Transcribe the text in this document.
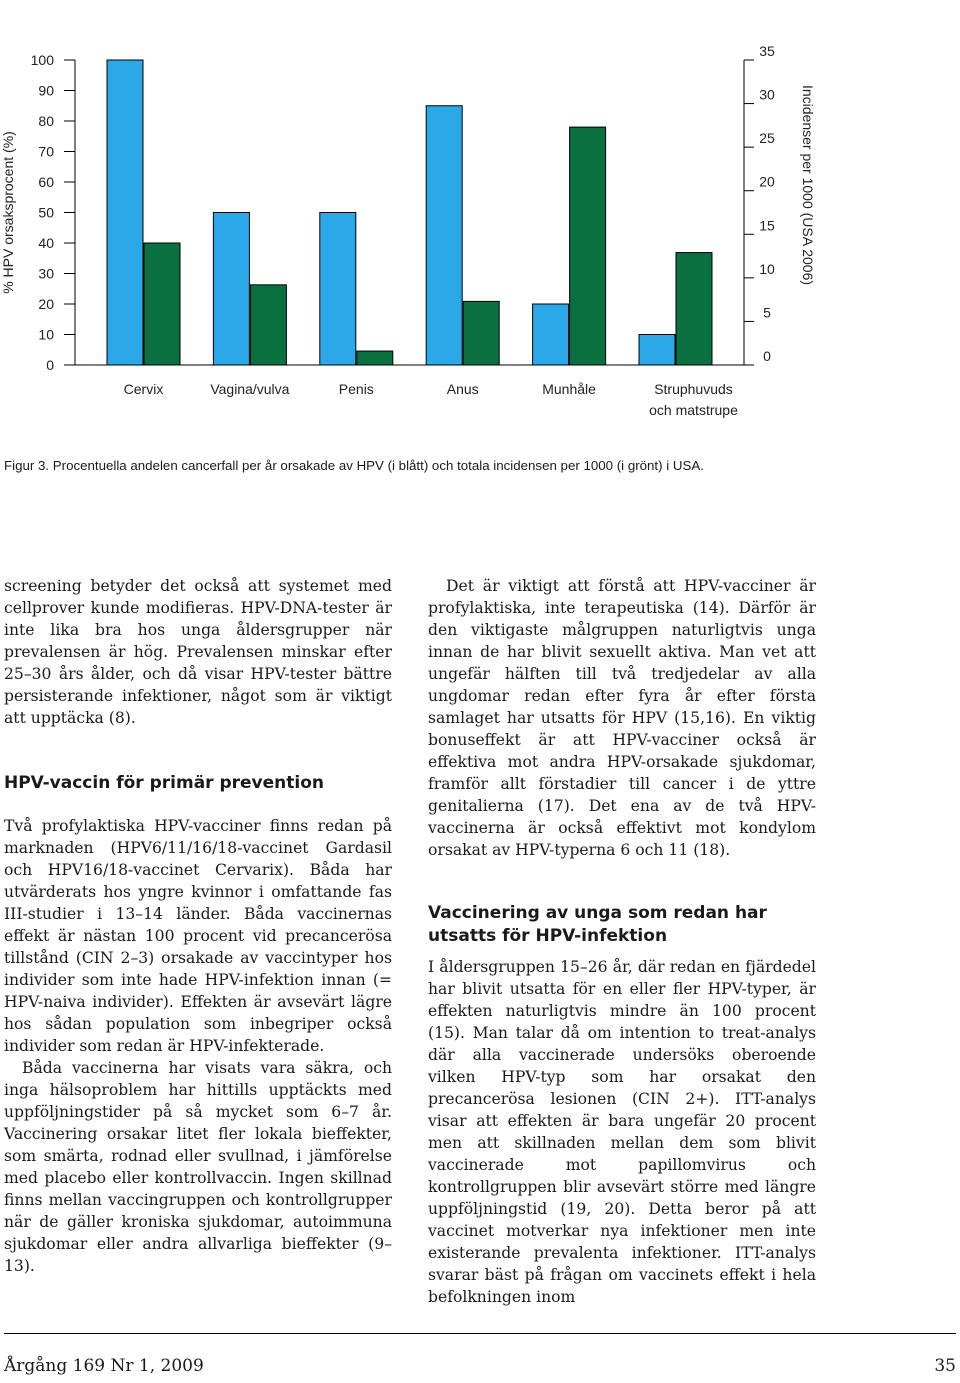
0
10
20
30
40
50
60
70
80
90
100
% HPV orsaksprocent (%)
0
5
10
15
20
25
30
35
Incidenser per 1000 (USA 2006)
Cervix	Vagina/vulva	Penis	Anus	Munhåle	Struphuvuds
och matstrupe
Figur 3. Procentuella andelen cancerfall per år orsakade av HPV (i blått) och totala incidensen per 1000 (i grönt) i USA.

screening betyder det också att systemet med cellprover kunde modifieras. HPV-DNA-tester är inte lika bra hos unga åldersgrupper när prevalensen är hög. Prevalensen minskar efter 25–30 års ålder, och då visar HPV-tester bättre persisterande infektioner, något som är viktigt att upptäcka (8).

HPV-vaccin för primär prevention

Två profylaktiska HPV-vacciner finns redan på marknaden (HPV6/11/16/18-vaccinet Gardasil och HPV16/18-vaccinet Cervarix). Båda har utvärderats hos yngre kvinnor i omfattande fas III-studier i 13–14 länder. Båda vaccinernas effekt är nästan 100 procent vid precancerösa tillstånd (CIN 2–3) orsakade av vaccintyper hos individer som inte hade HPV-infektion innan (= HPV-naiva individer). Effekten är avsevärt lägre hos sådan population som inbegriper också individer som redan är HPV-infekterade.

Båda vaccinerna har visats vara säkra, och inga hälsoproblem har hittills upptäckts med uppföljningstider på så mycket som 6–7 år. Vaccinering orsakar litet fler lokala bieffekter, som smärta, rodnad eller svullnad, i jämförelse med placebo eller kontrollvaccin. Ingen skillnad finns mellan vaccingruppen och kontrollgrupper när de gäller kroniska sjukdomar, autoimmuna sjukdomar eller andra allvarliga bieffekter (9–13).

Det är viktigt att förstå att HPV-vacciner är profylaktiska, inte terapeutiska (14). Därför är den viktigaste målgruppen naturligtvis unga innan de har blivit sexuellt aktiva. Man vet att ungefär hälften till två tredjedelar av alla ungdomar redan efter fyra år efter första samlaget har utsatts för HPV (15,16). En viktig bonuseffekt är att HPV-vacciner också är effektiva mot andra HPV-orsakade sjukdomar, framför allt förstadier till cancer i de yttre genitalierna (17). Det ena av de två HPV-vaccinerna är också effektivt mot kondylom orsakat av HPV-typerna 6 och 11 (18).

Vaccinering av unga som redan har utsatts för HPV-infektion

I åldersgruppen 15–26 år, där redan en fjärdedel har blivit utsatta för en eller fler HPV-typer, är effekten naturligtvis mindre än 100 procent (15). Man talar då om intention to treat-analys där alla vaccinerade undersöks oberoende vilken HPV-typ som har orsakat den precancerösa lesionen (CIN 2+). ITT-analys visar att effekten är bara ungefär 20 procent men att skillnaden mellan dem som blivit vaccinerade mot papillomvirus och kontrollgruppen blir avsevärt större med längre uppföljningstid (19, 20). Detta beror på att vaccinet motverkar nya infektioner men inte existerande prevalenta infektioner. ITT-analys svarar bäst på frågan om vaccinets effekt i hela befolkningen inom

Årgång 169 Nr 1, 2009	35
